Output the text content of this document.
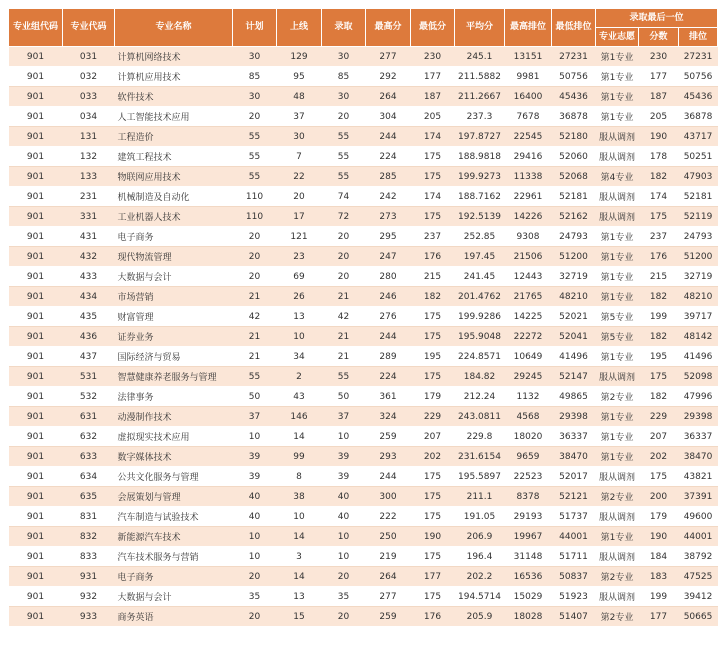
专业组代码	专业代码	专业名称	计划	上线	录取	最高分	最低分	平均分	最高排位	最低排位	录取最后一位		
											专业志愿	分数	排位
901	031	计算机网络技术	30	129	30	277	230	245.1	13151	27231	第1专业	230	27231
901	032	计算机应用技术	85	95	85	292	177	211.5882	9981	50756	第1专业	177	50756
901	033	软件技术	30	48	30	264	187	211.2667	16400	45436	第1专业	187	45436
901	034	人工智能技术应用	20	37	20	304	205	237.3	7678	36878	第1专业	205	36878
901	131	工程造价	55	30	55	244	174	197.8727	22545	52180	服从调剂	190	43717
901	132	建筑工程技术	55	7	55	224	175	188.9818	29416	52060	服从调剂	178	50251
901	133	物联网应用技术	55	22	55	285	175	199.9273	11338	52068	第4专业	182	47903
901	231	机械制造及自动化	110	20	74	242	174	188.7162	22961	52181	服从调剂	174	52181
901	331	工业机器人技术	110	17	72	273	175	192.5139	14226	52162	服从调剂	175	52119
901	431	电子商务	20	121	20	295	237	252.85	9308	24793	第1专业	237	24793
901	432	现代物流管理	20	23	20	247	176	197.45	21506	51200	第1专业	176	51200
901	433	大数据与会计	20	69	20	280	215	241.45	12443	32719	第1专业	215	32719
901	434	市场营销	21	26	21	246	182	201.4762	21765	48210	第1专业	182	48210
901	435	财富管理	42	13	42	276	175	199.9286	14225	52021	第5专业	199	39717
901	436	证券业务	21	10	21	244	175	195.9048	22272	52041	第5专业	182	48142
901	437	国际经济与贸易	21	34	21	289	195	224.8571	10649	41496	第1专业	195	41496
901	531	智慧健康养老服务与管理	55	2	55	224	175	184.82	29245	52147	服从调剂	175	52098
901	532	法律事务	50	43	50	361	179	212.24	1132	49865	第2专业	182	47996
901	631	动漫制作技术	37	146	37	324	229	243.0811	4568	29398	第1专业	229	29398
901	632	虚拟现实技术应用	10	14	10	259	207	229.8	18020	36337	第1专业	207	36337
901	633	数字媒体技术	39	99	39	293	202	231.6154	9659	38470	第1专业	202	38470
901	634	公共文化服务与管理	39	8	39	244	175	195.5897	22523	52017	服从调剂	175	43821
901	635	会展策划与管理	40	38	40	300	175	211.1	8378	52121	第2专业	200	37391
901	831	汽车制造与试验技术	40	10	40	222	175	191.05	29193	51737	服从调剂	179	49600
901	832	新能源汽车技术	10	14	10	250	190	206.9	19967	44001	第1专业	190	44001
901	833	汽车技术服务与营销	10	3	10	219	175	196.4	31148	51711	服从调剂	184	38792
901	931	电子商务	20	14	20	264	177	202.2	16536	50837	第2专业	183	47525
901	932	大数据与会计	35	13	35	277	175	194.5714	15029	51923	服从调剂	199	39412
901	933	商务英语	20	15	20	259	176	205.9	18028	51407	第2专业	177	50665
